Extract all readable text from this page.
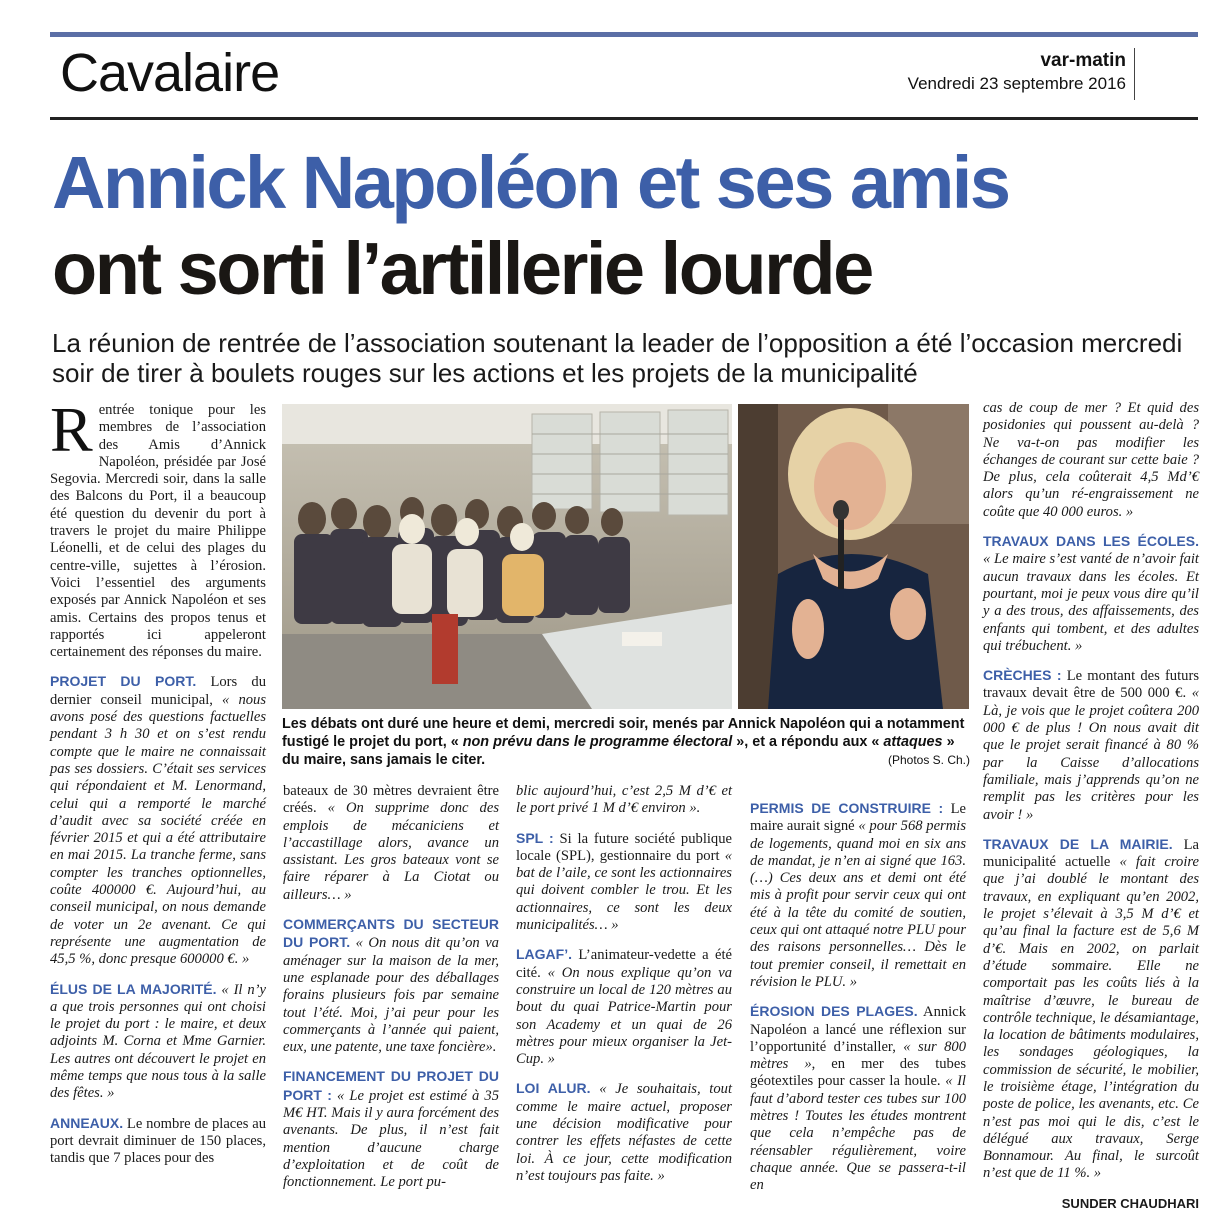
Cavalaire	var-matin
Vendredi 23 septembre 2016
Annick Napoléon et ses amis
ont sorti l’artillerie lourde
La réunion de rentrée de l’association soutenant la leader de l’opposition a été l’occasion mercredi soir de tirer à boulets rouges sur les actions et les projets de la municipalité
Les débats ont duré une heure et demi, mercredi soir, menés par Annick Napoléon qui a notamment fustigé le projet du port, « non prévu dans le programme électoral », et a répondu aux « attaques » du maire, sans jamais le citer.	(Photos S. Ch.)

Rentrée tonique pour les membres de l’association des Amis d’Annick Napoléon, présidée par José Segovia. Mercredi soir, dans la salle des Balcons du Port, il a beaucoup été question du devenir du port à travers le projet du maire Philippe Léonelli, et de celui des plages du centre-ville, sujettes à l’érosion. Voici l’essentiel des arguments exposés par Annick Napoléon et ses amis. Certains des propos tenus et rapportés ici appeleront certainement des réponses du maire.

PROJET DU PORT. Lors du dernier conseil municipal, « nous avons posé des questions factuelles pendant 3 h 30 et on s’est rendu compte que le maire ne connaissait pas ses dossiers. C’était ses services qui répondaient et M. Lenormand, celui qui a remporté le marché d’audit avec sa société créée en février 2015 et qui a été attributaire en mai 2015. La tranche ferme, sans compter les tranches optionnelles, coûte 400000 €. Aujourd’hui, au conseil municipal, on nous demande de voter un 2e avenant. Ce qui représente une augmentation de 45,5 %, donc presque 600000 €. »

ÉLUS DE LA MAJORITÉ. « Il n’y a que trois personnes qui ont choisi le projet du port : le maire, et deux adjoints M. Corna et Mme Garnier. Les autres ont découvert le projet en même temps que nous tous à la salle des fêtes. »

ANNEAUX. Le nombre de places au port devrait diminuer de 150 places, tandis que 7 places pour des

bateaux de 30 mètres devraient être créés. « On supprime donc des emplois de mécaniciens et l’accastillage alors, avance un assistant. Les gros bateaux vont se faire réparer à La Ciotat ou ailleurs… »

COMMERÇANTS DU SECTEUR DU PORT. « On nous dit qu’on va aménager sur la maison de la mer, une esplanade pour des déballages forains plusieurs fois par semaine tout l’été. Moi, j’ai peur pour les commerçants à l’année qui paient, eux, une patente, une taxe foncière».

FINANCEMENT DU PROJET DU PORT : « Le projet est estimé à 35 M€ HT. Mais il y aura forcément des avenants. De plus, il n’est fait mention d’aucune charge d’exploitation et de coût de fonctionnement. Le port pu-

blic aujourd’hui, c’est 2,5 M d’€ et le port privé 1 M d’€ environ ».

SPL : Si la future société publique locale (SPL), gestionnaire du port « bat de l’aile, ce sont les actionnaires qui doivent combler le trou. Et les actionnaires, ce sont les deux municipalités… »

LAGAF’. L’animateur-vedette a été cité. « On nous explique qu’on va construire un local de 120 mètres au bout du quai Patrice-Martin pour son Academy et un quai de 26 mètres pour mieux organiser la Jet-Cup. »

LOI ALUR. « Je souhaitais, tout comme le maire actuel, proposer une décision modificative pour contrer les effets néfastes de cette loi. À ce jour, cette modification n’est toujours pas faite. »

PERMIS DE CONSTRUIRE : Le maire aurait signé « pour 568 permis de logements, quand moi en six ans de mandat, je n’en ai signé que 163. (…) Ces deux ans et demi ont été mis à profit pour servir ceux qui ont été à la tête du comité de soutien, ceux qui ont attaqué notre PLU pour des raisons personnelles… Dès le tout premier conseil, il remettait en révision le PLU. »

ÉROSION DES PLAGES. Annick Napoléon a lancé une réflexion sur l’opportunité d’installer, « sur 800 mètres », en mer des tubes géotextiles pour casser la houle. « Il faut d’abord tester ces tubes sur 100 mètres ! Toutes les études montrent que cela n’empêche pas de réensabler régulièrement, voire chaque année. Que se passera-t-il en

cas de coup de mer ? Et quid des posidonies qui poussent au-delà ? Ne va-t-on pas modifier les échanges de courant sur cette baie ? De plus, cela coûterait 4,5 Md’€ alors qu’un ré-engraissement ne coûte que 40 000 euros. »

TRAVAUX DANS LES ÉCOLES. « Le maire s’est vanté de n’avoir fait aucun travaux dans les écoles. Et pourtant, moi je peux vous dire qu’il y a des trous, des affaissements, des enfants qui tombent, et des adultes qui trébuchent. »

CRÈCHES : Le montant des futurs travaux devait être de 500 000 €. « Là, je vois que le projet coûtera 200 000 € de plus ! On nous avait dit que le projet serait financé à 80 % par la Caisse d’allocations familiale, mais j’apprends qu’on ne remplit pas les critères pour les avoir ! »

TRAVAUX DE LA MAIRIE. La municipalité actuelle « fait croire que j’ai doublé le montant des travaux, en expliquant qu’en 2002, le projet s’élevait à 3,5 M d’€ et qu’au final la facture est de 5,6 M d’€. Mais en 2002, on parlait d’étude sommaire. Elle ne comportait pas les coûts liés à la maîtrise d’œuvre, le bureau de contrôle technique, le désamiantage, la location de bâtiments modulaires, les sondages géologiques, la commission de sécurité, le mobilier, le troisième étage, l’intégration du poste de police, les avenants, etc. Ce n’est pas moi qui le dis, c’est le délégué aux travaux, Serge Bonnamour. Au final, le surcoût n’est que de 11 %. »

SUNDER CHAUDHARI
